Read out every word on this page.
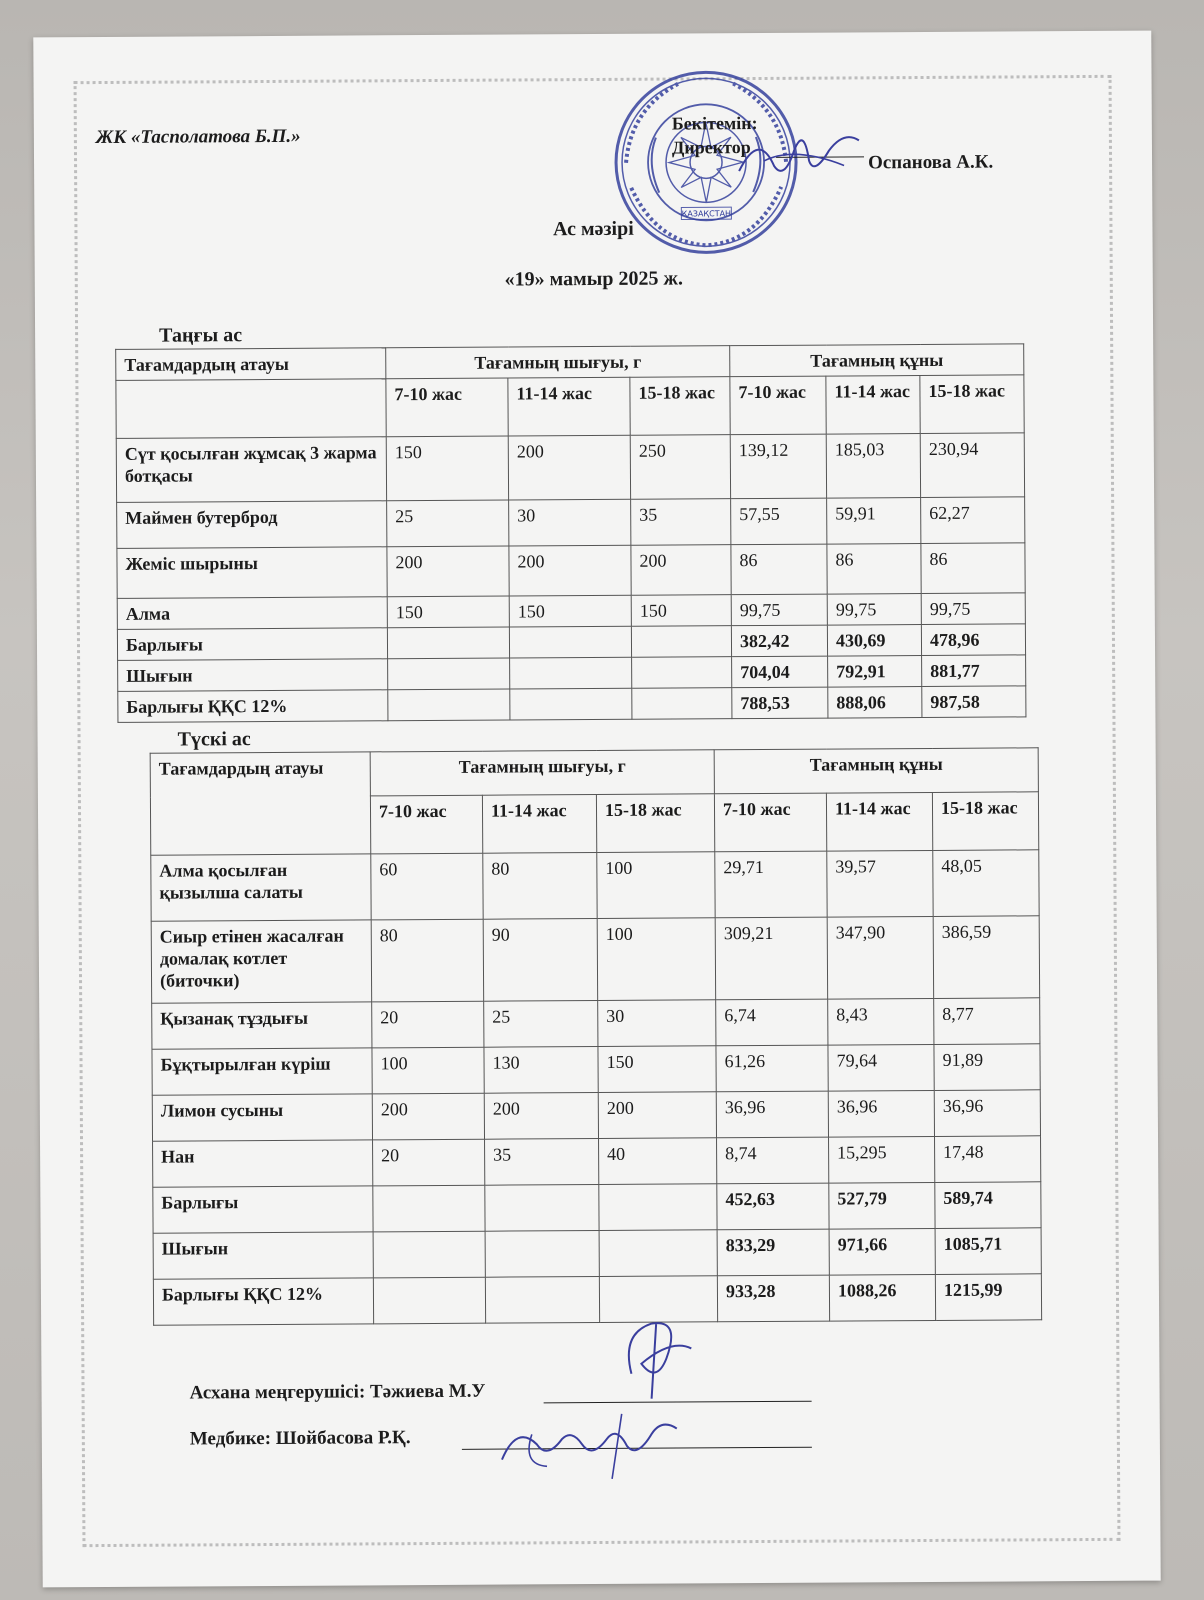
ЖК «Тасполатова Б.П.»
ҚАЗАҚСТАН
Бекітемін:
Директор
Оспанова А.К.
Ас мәзірі
«19» мамыр 2025 ж.
Таңғы ас
Тағамдардың атауы	Тағамның шығуы, г			Тағамның құны		
	7-10 жас	11-14 жас	15-18 жас	7-10 жас	11-14 жас	15-18 жас
Сүт қосылған жұмсақ 3 жарма ботқасы	150	200	250	139,12	185,03	230,94
Маймен бутерброд	25	30	35	57,55	59,91	62,27
Жеміс шырыны	200	200	200	86	86	86
Алма	150	150	150	99,75	99,75	99,75
Барлығы				382,42	430,69	478,96
Шығын				704,04	792,91	881,77
Барлығы ҚҚС 12%				788,53	888,06	987,58
Түскі ас
Тағамдардың атауы	Тағамның шығуы, г			Тағамның құны		
	7-10 жас	11-14 жас	15-18 жас	7-10 жас	11-14 жас	15-18 жас
Алма қосылған қызылша салаты	60	80	100	29,71	39,57	48,05
Сиыр етінен жасалған домалақ котлет (биточки)	80	90	100	309,21	347,90	386,59
Қызанақ тұздығы	20	25	30	6,74	8,43	8,77
Бұқтырылған күріш	100	130	150	61,26	79,64	91,89
Лимон сусыны	200	200	200	36,96	36,96	36,96
Нан	20	35	40	8,74	15,295	17,48
Барлығы				452,63	527,79	589,74
Шығын				833,29	971,66	1085,71
Барлығы ҚҚС 12%				933,28	1088,26	1215,99
Асхана меңгерушісі: Тәжиева М.У
Медбике: Шойбасова Р.Қ.
